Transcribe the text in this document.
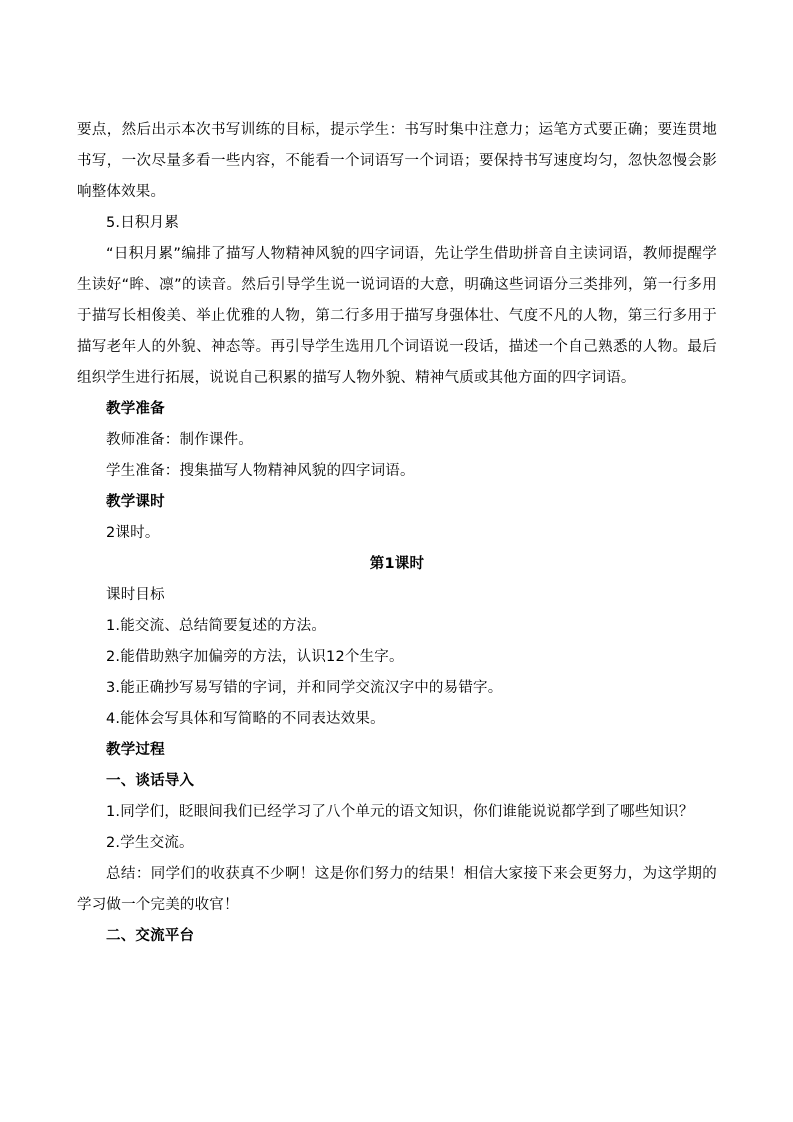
要点，然后出示本次书写训练的目标，提示学生：书写时集中注意力；运笔方式要正确；要连贯地书写，一次尽量多看一些内容，不能看一个词语写一个词语；要保持书写速度均匀，忽快忽慢会影响整体效果。

5.日积月累

“日积月累”编排了描写人物精神风貌的四字词语，先让学生借助拼音自主读词语，教师提醒学生读好“眸、凛”的读音。然后引导学生说一说词语的大意，明确这些词语分三类排列，第一行多用于描写长相俊美、举止优雅的人物，第二行多用于描写身强体壮、气度不凡的人物，第三行多用于描写老年人的外貌、神态等。再引导学生选用几个词语说一段话，描述一个自己熟悉的人物。最后组织学生进行拓展，说说自己积累的描写人物外貌、精神气质或其他方面的四字词语。

教学准备

教师准备：制作课件。

学生准备：搜集描写人物精神风貌的四字词语。

教学课时

2课时。

第1课时

课时目标

1.能交流、总结简要复述的方法。

2.能借助熟字加偏旁的方法，认识12个生字。

3.能正确抄写易写错的字词，并和同学交流汉字中的易错字。

4.能体会写具体和写简略的不同表达效果。

教学过程

一、谈话导入

1.同学们，眨眼间我们已经学习了八个单元的语文知识，你们谁能说说都学到了哪些知识？

2.学生交流。

总结：同学们的收获真不少啊！这是你们努力的结果！相信大家接下来会更努力，为这学期的学习做一个完美的收官！

二、交流平台
